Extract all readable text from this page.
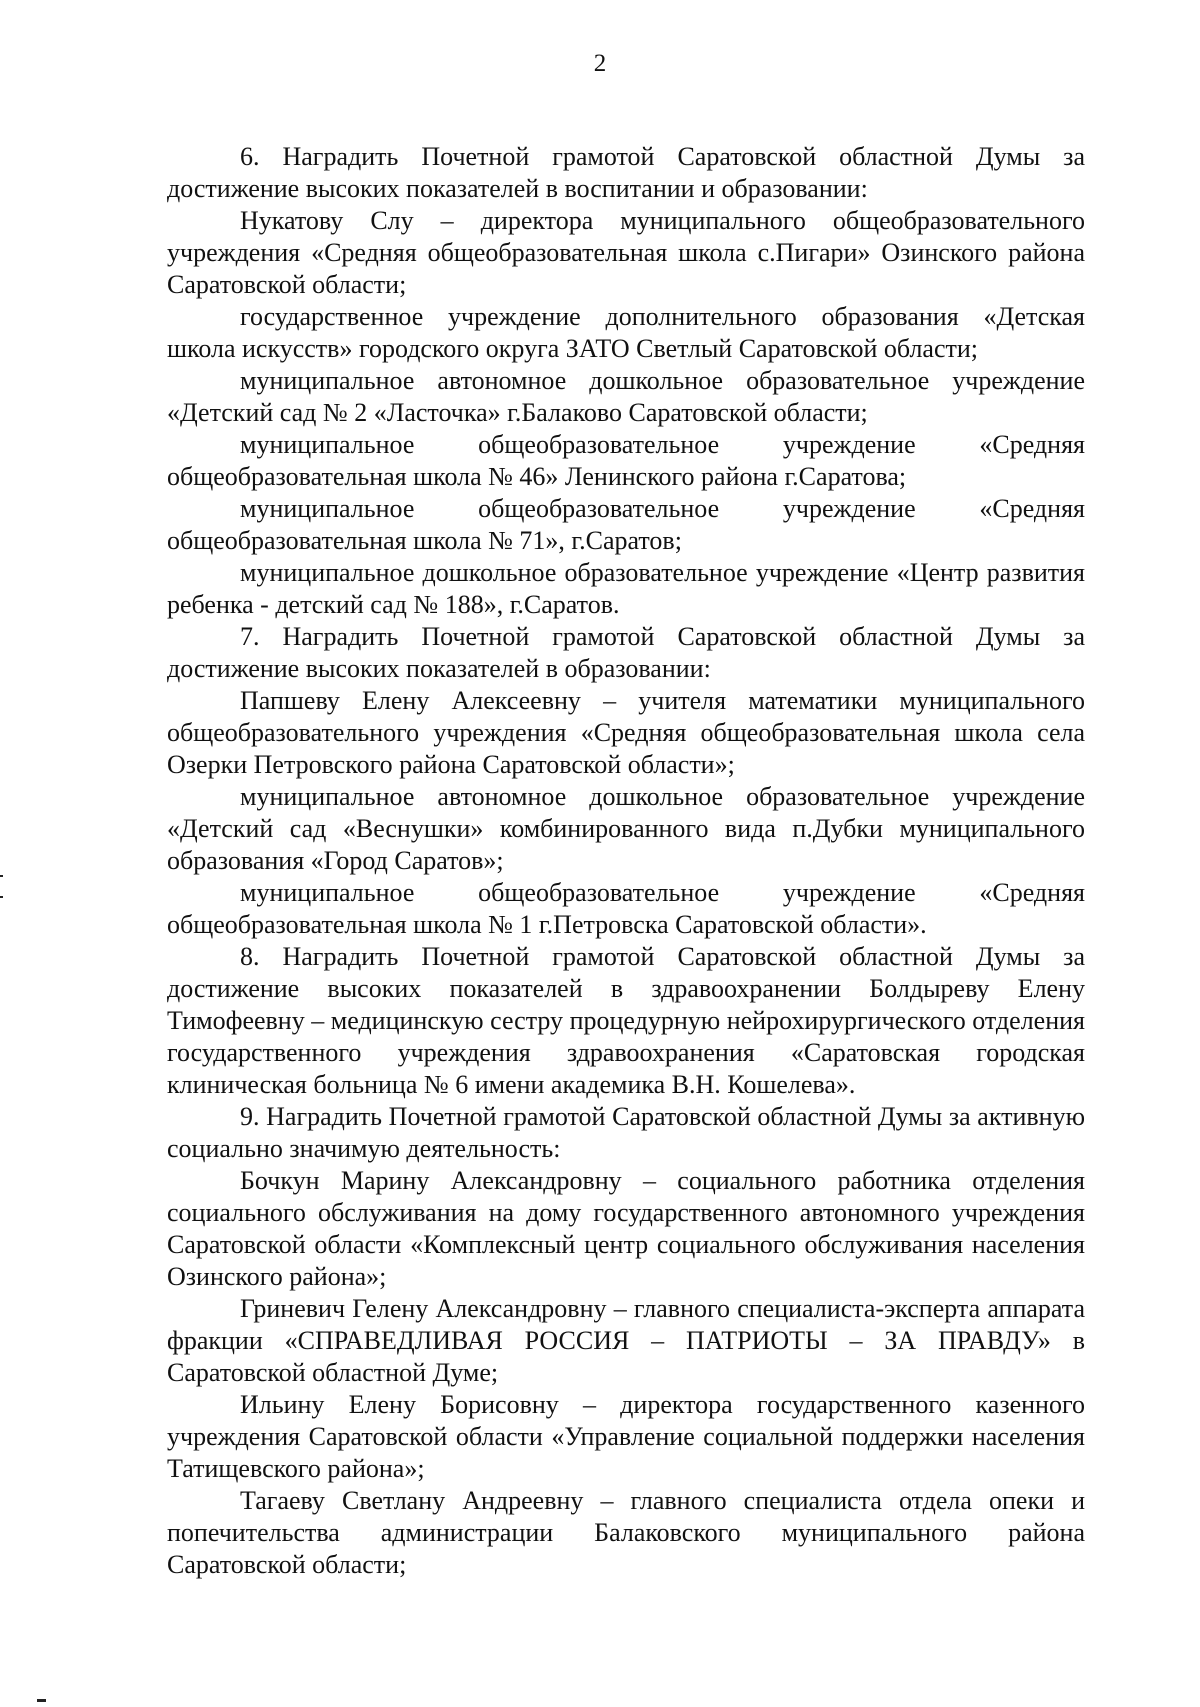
2

6. Наградить Почетной грамотой Саратовской областной Думы за достижение высоких показателей в воспитании и образовании:

Нукатову Слу – директора муниципального общеобразовательного учреждения «Средняя общеобразовательная школа с.Пигари» Озинского района Саратовской области;

государственное учреждение дополнительного образования «Детская школа искусств» городского округа ЗАТО Светлый Саратовской области;

муниципальное автономное дошкольное образовательное учреждение «Детский сад № 2 «Ласточка» г.Балаково Саратовской области;

муниципальное общеобразовательное учреждение «Средняя общеобразовательная школа № 46» Ленинского района г.Саратова;

муниципальное общеобразовательное учреждение «Средняя общеобразовательная школа № 71», г.Саратов;

муниципальное дошкольное образовательное учреждение «Центр развития ребенка - детский сад № 188», г.Саратов.

7. Наградить Почетной грамотой Саратовской областной Думы за достижение высоких показателей в образовании:

Папшеву Елену Алексеевну – учителя математики муниципального общеобразовательного учреждения «Средняя общеобразовательная школа села Озерки Петровского района Саратовской области»;

муниципальное автономное дошкольное образовательное учреждение «Детский сад «Веснушки» комбинированного вида п.Дубки муниципального образования «Город Саратов»;

муниципальное общеобразовательное учреждение «Средняя общеобразовательная школа № 1 г.Петровска Саратовской области».

8. Наградить Почетной грамотой Саратовской областной Думы за достижение высоких показателей в здравоохранении Болдыреву Елену Тимофеевну – медицинскую сестру процедурную нейрохирургического отделения государственного учреждения здравоохранения «Саратовская городская клиническая больница № 6 имени академика В.Н. Кошелева».

9. Наградить Почетной грамотой Саратовской областной Думы за активную социально значимую деятельность:

Бочкун Марину Александровну – социального работника отделения социального обслуживания на дому государственного автономного учреждения Саратовской области «Комплексный центр социального обслуживания населения Озинского района»;

Гриневич Гелену Александровну – главного специалиста-эксперта аппарата фракции «СПРАВЕДЛИВАЯ РОССИЯ – ПАТРИОТЫ – ЗА ПРАВДУ» в Саратовской областной Думе;

Ильину Елену Борисовну – директора государственного казенного учреждения Саратовской области «Управление социальной поддержки населения Татищевского района»;

Тагаеву Светлану Андреевну – главного специалиста отдела опеки и попечительства администрации Балаковского муниципального района Саратовской области;
